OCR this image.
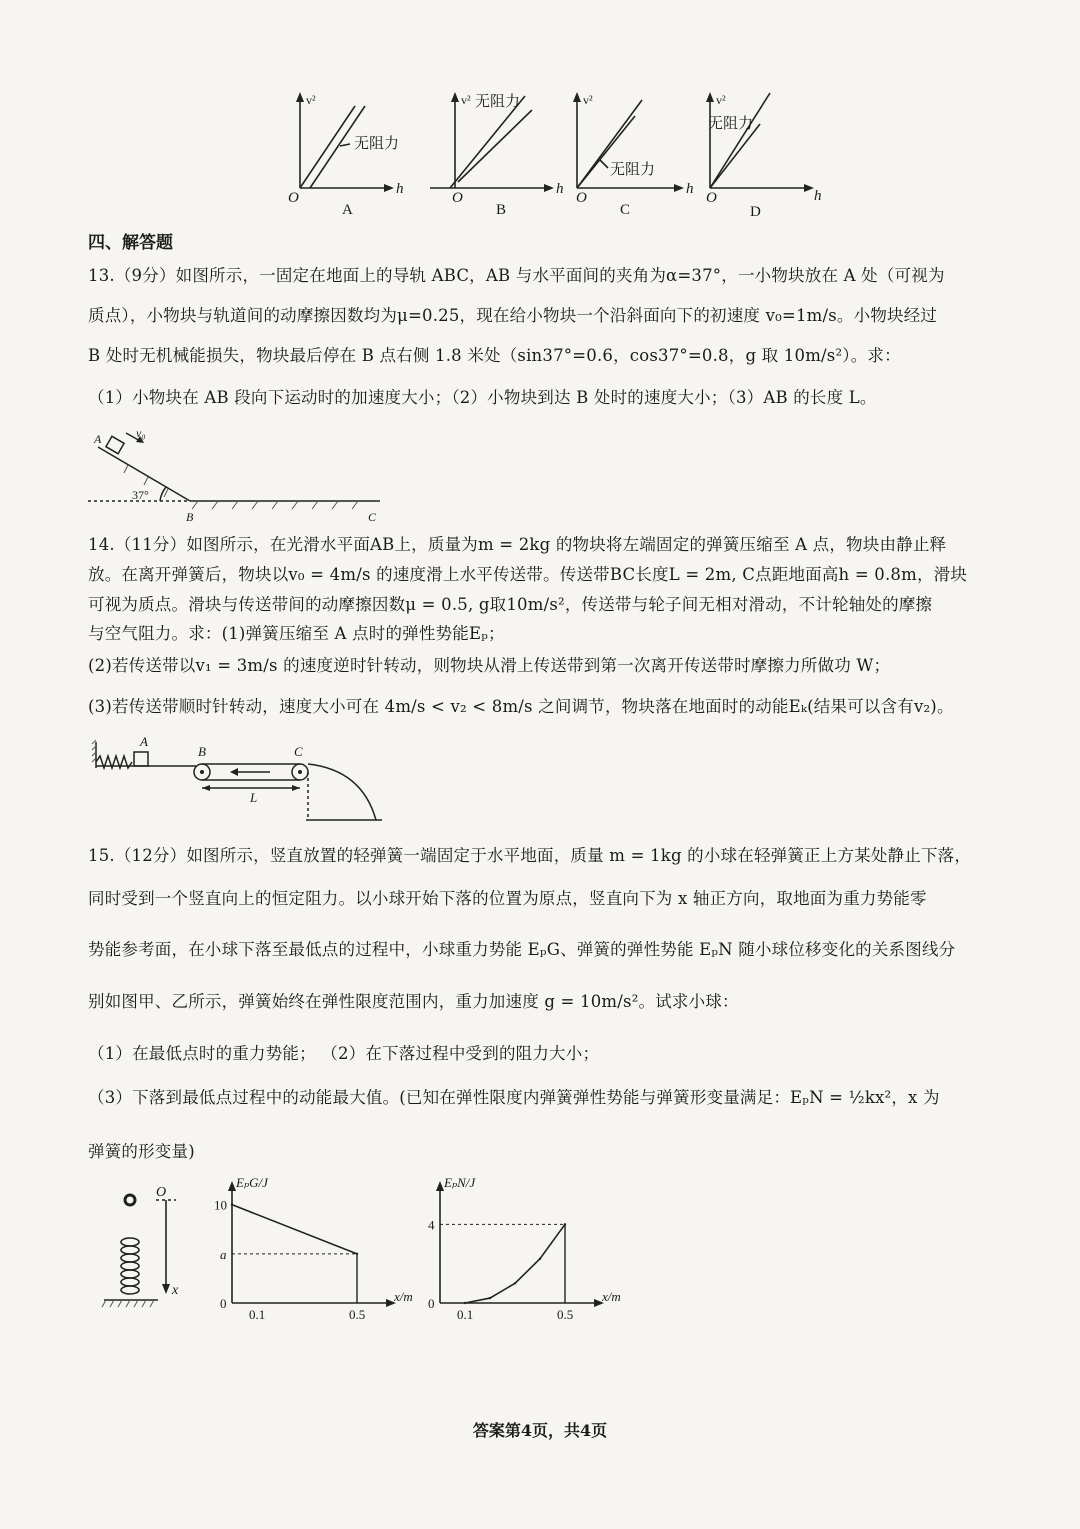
v²	v²	v²	v²
无阻力
无阻力
无阻力
无阻力
O
h
O
h
O
h
O	h
A	B	C	D
四、解答题
13.（9分）如图所示，一固定在地面上的导轨 ABC，AB 与水平面间的夹角为α=37°，一小物块放在 A 处（可视为
质点），小物块与轨道间的动摩擦因数均为μ=0.25，现在给小物块一个沿斜面向下的初速度 v₀=1m/s。小物块经过
B 处时无机械能损失，物块最后停在 B 点右侧 1.8 米处（sin37°=0.6，cos37°=0.8，g 取 10m/s²）。求：
（1）小物块在 AB 段向下运动时的加速度大小；（2）小物块到达 B 处时的速度大小；（3）AB 的长度 L。
A	v₀
37°
B	C
14.（11分）如图所示，在光滑水平面AB上，质量为m = 2kg 的物块将左端固定的弹簧压缩至 A 点，物块由静止释
放。在离开弹簧后，物块以v₀ = 4m/s 的速度滑上水平传送带。传送带BC长度L = 2m, C点距地面高h = 0.8m，滑块
可视为质点。滑块与传送带间的动摩擦因数μ = 0.5, g取10m/s²，传送带与轮子间无相对滑动，不计轮轴处的摩擦
与空气阻力。求：(1)弹簧压缩至 A 点时的弹性势能Eₚ；
(2)若传送带以v₁ = 3m/s 的速度逆时针转动，则物块从滑上传送带到第一次离开传送带时摩擦力所做功 W；
(3)若传送带顺时针转动，速度大小可在 4m/s < v₂ < 8m/s 之间调节，物块落在地面时的动能Eₖ(结果可以含有v₂)。
A
B	C
L
15.（12分）如图所示，竖直放置的轻弹簧一端固定于水平地面，质量 m = 1kg 的小球在轻弹簧正上方某处静止下落，
同时受到一个竖直向上的恒定阻力。以小球开始下落的位置为原点，竖直向下为 x 轴正方向，取地面为重力势能零
势能参考面，在小球下落至最低点的过程中，小球重力势能 EₚG、弹簧的弹性势能 EₚN 随小球位移变化的关系图线分
别如图甲、乙所示，弹簧始终在弹性限度范围内，重力加速度 g = 10m/s²。试求小球：
（1）在最低点时的重力势能； （2）在下落过程中受到的阻力大小；
（3）下落到最低点过程中的动能最大值。(已知在弹性限度内弹簧弹性势能与弹簧形变量满足：EₚN = ½kx²，x 为
弹簧的形变量)
O
x
EₚG/J
x/m
0
0.1	0.5
10
a
EₚN/J
x/m
0
0.1	0.5
4
答案第4页，共4页
